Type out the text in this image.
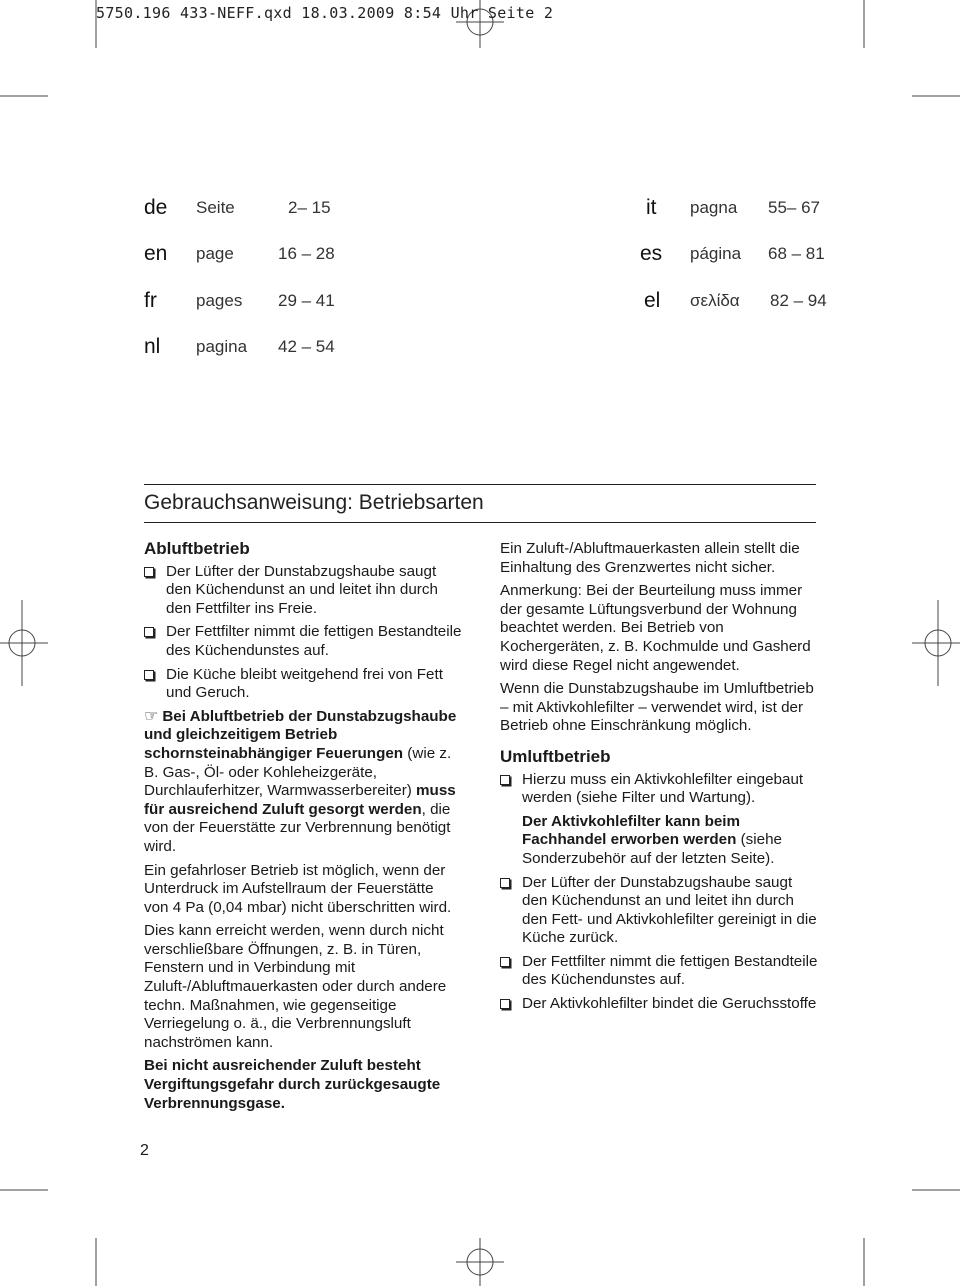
5750.196 433-NEFF.qxd 18.03.2009 8:54 Uhr Seite 2
de Seite	2– 15
en page	16 – 28
fr pages 29 – 41
nl pagina 42 – 54
it pagna 55– 67
es página 68 – 81
el σελίδα 82 – 94
Gebrauchsanweisung: Betriebsarten
Abluftbetrieb
Der Lüfter der Dunstabzugshaube saugt den Küchendunst an und leitet ihn durch den Fettfilter ins Freie.
Der Fettfilter nimmt die fettigen Bestandteile des Küchendunstes auf.
Die Küche bleibt weitgehend frei von Fett und Geruch.

☞ Bei Abluftbetrieb der Dunstabzugshaube und gleichzeitigem Betrieb schornsteinabhängiger Feuerungen (wie z. B. Gas-, Öl- oder Kohleheizgeräte, Durchlauferhitzer, Warmwasserbereiter) muss für ausreichend Zuluft gesorgt werden, die von der Feuerstätte zur Verbrennung benötigt wird.

Ein gefahrloser Betrieb ist möglich, wenn der Unterdruck im Aufstellraum der Feuerstätte von 4 Pa (0,04 mbar) nicht überschritten wird.

Dies kann erreicht werden, wenn durch nicht verschließbare Öffnungen, z. B. in Türen, Fenstern und in Verbindung mit Zuluft-/Abluftmauerkasten oder durch andere techn. Maßnahmen, wie gegenseitige Verriegelung o. ä., die Verbrennungsluft nachströmen kann.

Bei nicht ausreichender Zuluft besteht Vergiftungsgefahr durch zurückgesaugte Verbrennungsgase.

Ein Zuluft-/Abluftmauerkasten allein stellt die Einhaltung des Grenzwertes nicht sicher.

Anmerkung: Bei der Beurteilung muss immer der gesamte Lüftungsverbund der Wohnung beachtet werden. Bei Betrieb von Kochergeräten, z. B. Kochmulde und Gasherd wird diese Regel nicht angewendet.

Wenn die Dunstabzugshaube im Umluftbetrieb – mit Aktivkohlefilter – verwendet wird, ist der Betrieb ohne Einschränkung möglich.

Umluftbetrieb
Hierzu muss ein Aktivkohlefilter eingebaut werden (siehe Filter und Wartung).

Der Aktivkohlefilter kann beim Fachhandel erworben werden (siehe Sonderzubehör auf der letzten Seite).

Der Lüfter der Dunstabzugshaube saugt den Küchendunst an und leitet ihn durch den Fett- und Aktivkohlefilter gereinigt in die Küche zurück.
Der Fettfilter nimmt die fettigen Bestandteile des Küchendunstes auf.
Der Aktivkohlefilter bindet die Geruchsstoffe
2
